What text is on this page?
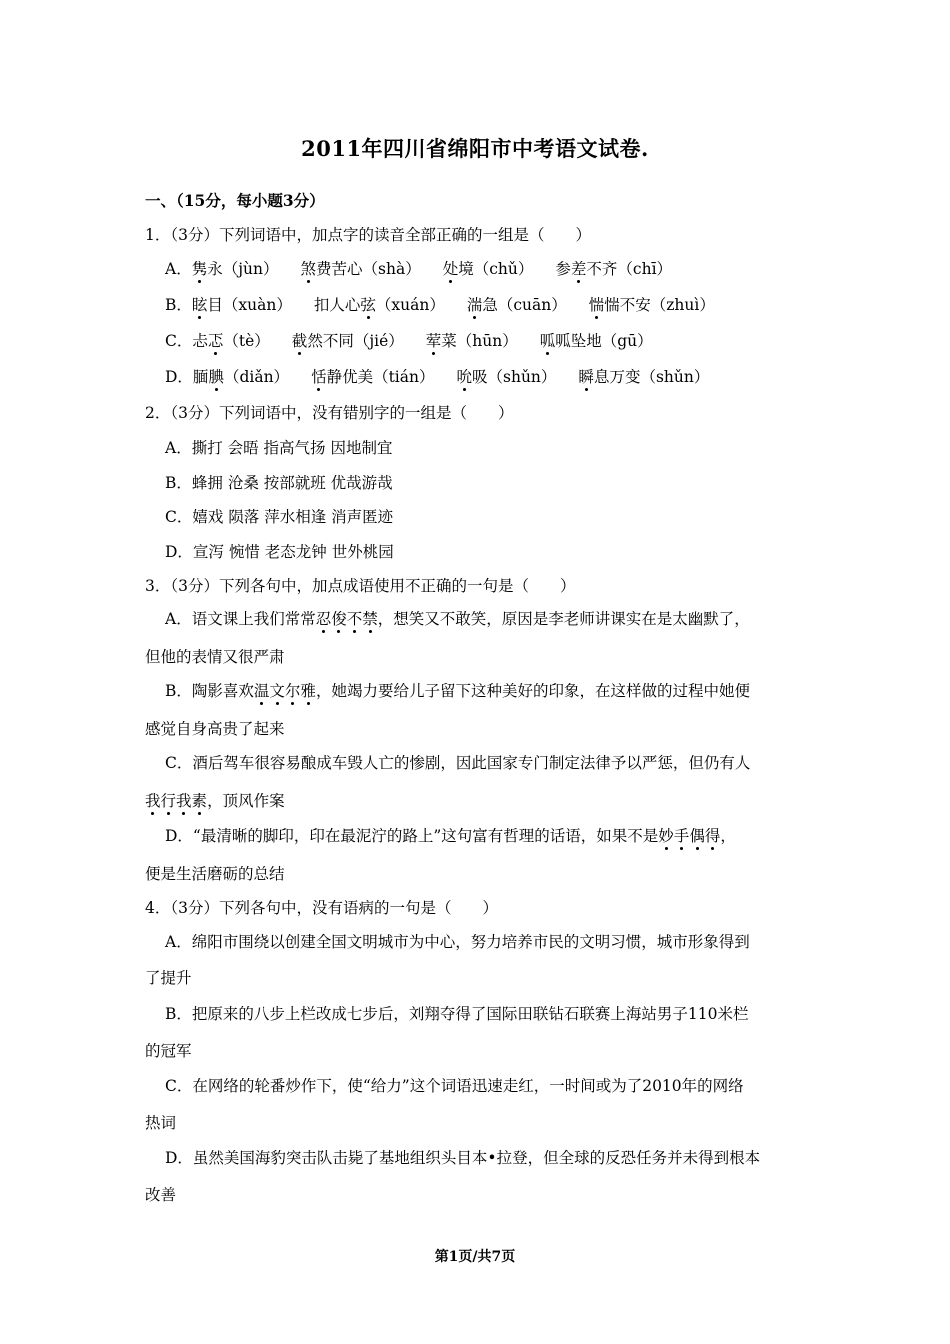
2011年四川省绵阳市中考语文试卷.
一、（15分，每小题3分）
1．（3分）下列词语中，加点字的读音全部正确的一组是（　　）
A．隽永（jùn） 煞费苦心（shà） 处境（chǔ） 参差不齐（chī）
B．眩目（xuàn） 扣人心弦（xuán） 湍急（cuān） 惴惴不安（zhuì）
C．忐忑（tè） 截然不同（jié） 荤菜（hūn） 呱呱坠地（gū）
D．腼腆（diǎn） 恬静优美（tián） 吮吸（shǔn） 瞬息万变（shǔn）
2．（3分）下列词语中，没有错别字的一组是（　　）
A．撕打 会晤 指高气扬 因地制宜
B．蜂拥 沧桑 按部就班 优哉游哉
C．嬉戏 陨落 萍水相逢 消声匿迹
D．宣泻 惋惜 老态龙钟 世外桃园
3．（3分）下列各句中，加点成语使用不正确的一句是（　　）
A．语文课上我们常常忍俊不禁，想笑又不敢笑，原因是李老师讲课实在是太幽默了，
但他的表情又很严肃
B．陶影喜欢温文尔雅，她竭力要给儿子留下这种美好的印象，在这样做的过程中她便
感觉自身高贵了起来
C．酒后驾车很容易酿成车毁人亡的惨剧，因此国家专门制定法律予以严惩，但仍有人
我行我素，顶风作案
D．“最清晰的脚印，印在最泥泞的路上”这句富有哲理的话语，如果不是妙手偶得，
便是生活磨砺的总结
4．（3分）下列各句中，没有语病的一句是（　　）
A．绵阳市围绕以创建全国文明城市为中心，努力培养市民的文明习惯，城市形象得到
了提升
B．把原来的八步上栏改成七步后，刘翔夺得了国际田联钻石联赛上海站男子110米栏
的冠军
C．在网络的轮番炒作下，使“给力”这个词语迅速走红，一时间或为了2010年的网络
热词
D．虽然美国海豹突击队击毙了基地组织头目本•拉登，但全球的反恐任务并未得到根本
改善
第1页/共7页
